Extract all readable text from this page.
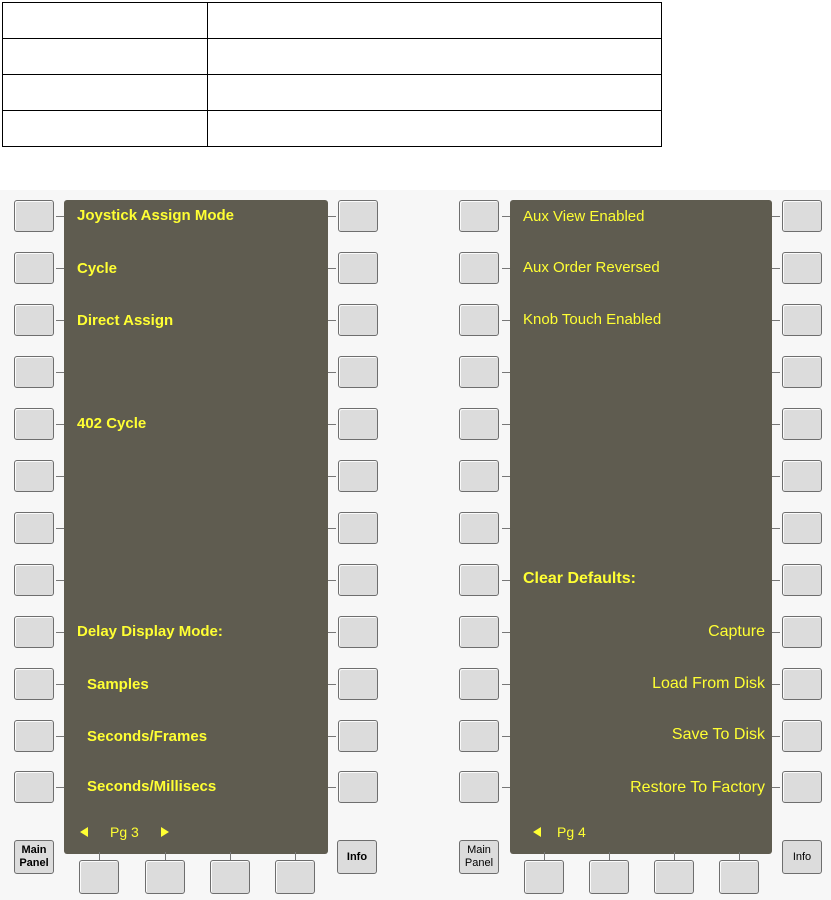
Joystick Assign Mode
Cycle
Direct Assign
402 Cycle
Delay Display Mode:
Samples
Seconds/Frames
Seconds/Millisecs
Pg 3
Main Panel
Info
Aux View Enabled
Aux Order Reversed
Knob Touch Enabled
Clear Defaults:
Capture
Load From Disk
Save To Disk
Restore To Factory
Pg 4
Main Panel
Info
